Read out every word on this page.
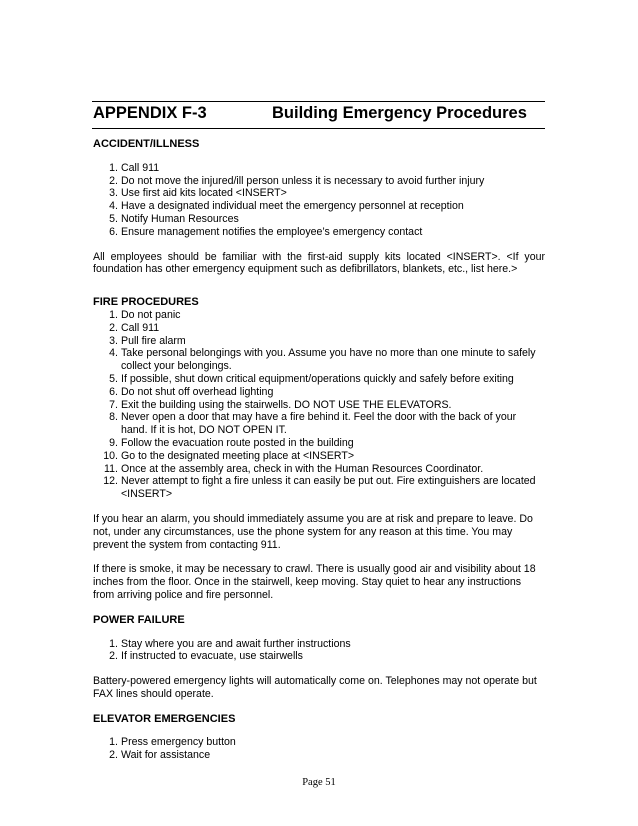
APPENDIX F-3	Building Emergency Procedures
ACCIDENT/ILLNESS
1. Call 911
2. Do not move the injured/ill person unless it is necessary to avoid further injury
3. Use first aid kits located <INSERT>
4. Have a designated individual meet the emergency personnel at reception
5. Notify Human Resources
6. Ensure management notifies the employee’s emergency contact

All employees should be familiar with the first-aid supply kits located <INSERT>. <If your foundation has other emergency equipment such as defibrillators, blankets, etc., list here.>

FIRE PROCEDURES
1. Do not panic
2. Call 911
3. Pull fire alarm
4. Take personal belongings with you. Assume you have no more than one minute to safely collect your belongings.
5. If possible, shut down critical equipment/operations quickly and safely before exiting
6. Do not shut off overhead lighting
7. Exit the building using the stairwells. DO NOT USE THE ELEVATORS.
8. Never open a door that may have a fire behind it. Feel the door with the back of your hand. If it is hot, DO NOT OPEN IT.
9. Follow the evacuation route posted in the building
10. Go to the designated meeting place at <INSERT>
11. Once at the assembly area, check in with the Human Resources Coordinator.
12. Never attempt to fight a fire unless it can easily be put out. Fire extinguishers are located <INSERT>

If you hear an alarm, you should immediately assume you are at risk and prepare to leave. Do not, under any circumstances, use the phone system for any reason at this time. You may prevent the system from contacting 911.

If there is smoke, it may be necessary to crawl. There is usually good air and visibility about 18 inches from the floor. Once in the stairwell, keep moving. Stay quiet to hear any instructions from arriving police and fire personnel.

POWER FAILURE
1. Stay where you are and await further instructions
2. If instructed to evacuate, use stairwells

Battery-powered emergency lights will automatically come on. Telephones may not operate but FAX lines should operate.

ELEVATOR EMERGENCIES
1. Press emergency button
2. Wait for assistance
Page 51
